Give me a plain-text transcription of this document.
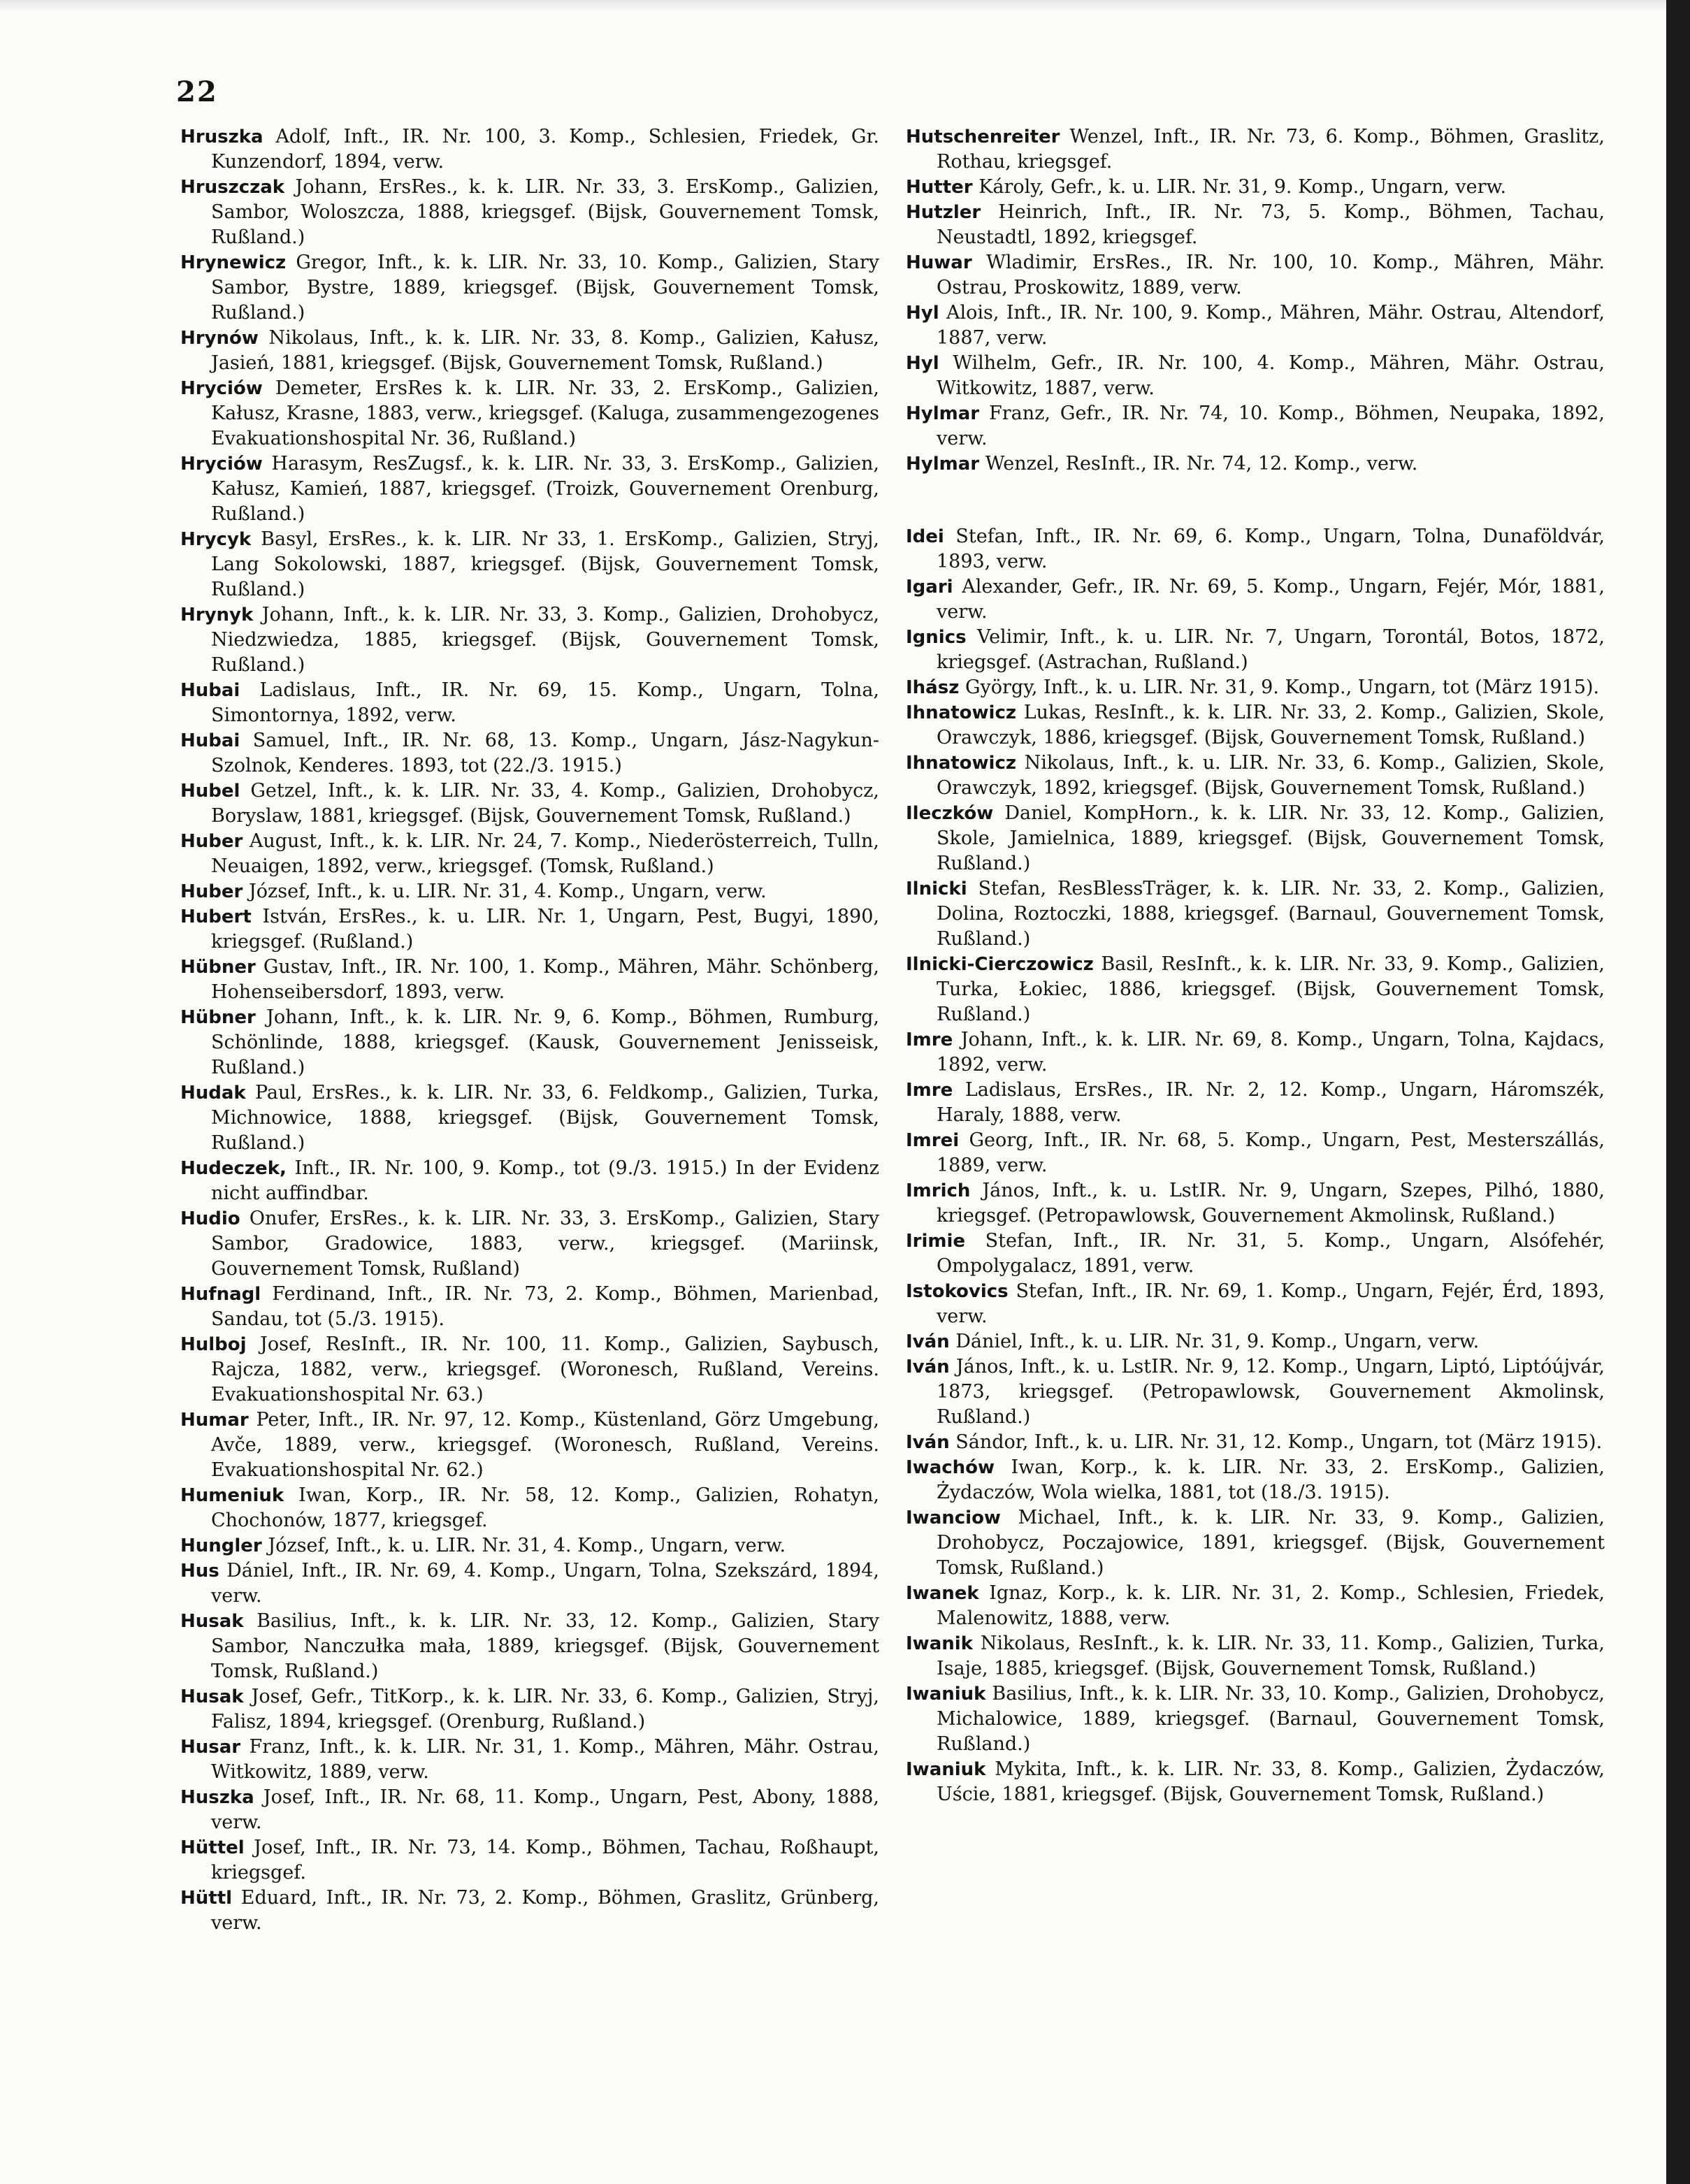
22
Hruszka Adolf, Inft., IR. Nr. 100, 3. Komp., Schlesien, Friedek, Gr. Kunzendorf, 1894, verw.
Hruszczak Johann, ErsRes., k. k. LIR. Nr. 33, 3. ErsKomp., Galizien, Sambor, Woloszcza, 1888, kriegsgef. (Bijsk, Gouvernement Tomsk, Rußland.)
Hrynewicz Gregor, Inft., k. k. LIR. Nr. 33, 10. Komp., Galizien, Stary Sambor, Bystre, 1889, kriegsgef. (Bijsk, Gouvernement Tomsk, Rußland.)
Hrynów Nikolaus, Inft., k. k. LIR. Nr. 33, 8. Komp., Galizien, Kałusz, Jasień, 1881, kriegsgef. (Bijsk, Gouvernement Tomsk, Rußland.)
Hryciów Demeter, ErsRes k. k. LIR. Nr. 33, 2. ErsKomp., Galizien, Kałusz, Krasne, 1883, verw., kriegsgef. (Kaluga, zusammengezogenes Evakuationshospital Nr. 36, Rußland.)
Hryciów Harasym, ResZugsf., k. k. LIR. Nr. 33, 3. ErsKomp., Galizien, Kałusz, Kamień, 1887, kriegsgef. (Troizk, Gouvernement Orenburg, Rußland.)
Hrycyk Basyl, ErsRes., k. k. LIR. Nr 33, 1. ErsKomp., Galizien, Stryj, Lang Sokolowski, 1887, kriegsgef. (Bijsk, Gouvernement Tomsk, Rußland.)
Hrynyk Johann, Inft., k. k. LIR. Nr. 33, 3. Komp., Galizien, Drohobycz, Niedzwiedza, 1885, kriegsgef. (Bijsk, Gouvernement Tomsk, Rußland.)
Hubai Ladislaus, Inft., IR. Nr. 69, 15. Komp., Ungarn, Tolna, Simontornya, 1892, verw.
Hubai Samuel, Inft., IR. Nr. 68, 13. Komp., Ungarn, Jász-Nagykun-Szolnok, Kenderes. 1893, tot (22./3. 1915.)
Hubel Getzel, Inft., k. k. LIR. Nr. 33, 4. Komp., Galizien, Drohobycz, Boryslaw, 1881, kriegsgef. (Bijsk, Gouvernement Tomsk, Rußland.)
Huber August, Inft., k. k. LIR. Nr. 24, 7. Komp., Niederösterreich, Tulln, Neuaigen, 1892, verw., kriegsgef. (Tomsk, Rußland.)
Huber József, Inft., k. u. LIR. Nr. 31, 4. Komp., Ungarn, verw.
Hubert István, ErsRes., k. u. LIR. Nr. 1, Ungarn, Pest, Bugyi, 1890, kriegsgef. (Rußland.)
Hübner Gustav, Inft., IR. Nr. 100, 1. Komp., Mähren, Mähr. Schönberg, Hohenseibersdorf, 1893, verw.
Hübner Johann, Inft., k. k. LIR. Nr. 9, 6. Komp., Böhmen, Rumburg, Schönlinde, 1888, kriegsgef. (Kausk, Gouvernement Jenisseisk, Rußland.)
Hudak Paul, ErsRes., k. k. LIR. Nr. 33, 6. Feldkomp., Galizien, Turka, Michnowice, 1888, kriegsgef. (Bijsk, Gouvernement Tomsk, Rußland.)
Hudeczek, Inft., IR. Nr. 100, 9. Komp., tot (9./3. 1915.) In der Evidenz nicht auffindbar.
Hudio Onufer, ErsRes., k. k. LIR. Nr. 33, 3. ErsKomp., Galizien, Stary Sambor, Gradowice, 1883, verw., kriegsgef. (Mariinsk, Gouvernement Tomsk, Rußland)
Hufnagl Ferdinand, Inft., IR. Nr. 73, 2. Komp., Böhmen, Marienbad, Sandau, tot (5./3. 1915).
Hulboj Josef, ResInft., IR. Nr. 100, 11. Komp., Galizien, Saybusch, Rajcza, 1882, verw., kriegsgef. (Woronesch, Rußland, Vereins. Evakuationshospital Nr. 63.)
Humar Peter, Inft., IR. Nr. 97, 12. Komp., Küstenland, Görz Umgebung, Avče, 1889, verw., kriegsgef. (Woronesch, Rußland, Vereins. Evakuationshospital Nr. 62.)
Humeniuk Iwan, Korp., IR. Nr. 58, 12. Komp., Galizien, Rohatyn, Chochonów, 1877, kriegsgef.
Hungler József, Inft., k. u. LIR. Nr. 31, 4. Komp., Ungarn, verw.
Hus Dániel, Inft., IR. Nr. 69, 4. Komp., Ungarn, Tolna, Szekszárd, 1894, verw.
Husak Basilius, Inft., k. k. LIR. Nr. 33, 12. Komp., Galizien, Stary Sambor, Nanczułka mała, 1889, kriegsgef. (Bijsk, Gouvernement Tomsk, Rußland.)
Husak Josef, Gefr., TitKorp., k. k. LIR. Nr. 33, 6. Komp., Galizien, Stryj, Falisz, 1894, kriegsgef. (Orenburg, Rußland.)
Husar Franz, Inft., k. k. LIR. Nr. 31, 1. Komp., Mähren, Mähr. Ostrau, Witkowitz, 1889, verw.
Huszka Josef, Inft., IR. Nr. 68, 11. Komp., Ungarn, Pest, Abony, 1888, verw.
Hüttel Josef, Inft., IR. Nr. 73, 14. Komp., Böhmen, Tachau, Roßhaupt, kriegsgef.
Hüttl Eduard, Inft., IR. Nr. 73, 2. Komp., Böhmen, Graslitz, Grünberg, verw.
Hutschenreiter Wenzel, Inft., IR. Nr. 73, 6. Komp., Böhmen, Graslitz, Rothau, kriegsgef.
Hutter Károly, Gefr., k. u. LIR. Nr. 31, 9. Komp., Ungarn, verw.
Hutzler Heinrich, Inft., IR. Nr. 73, 5. Komp., Böhmen, Tachau, Neustadtl, 1892, kriegsgef.
Huwar Wladimir, ErsRes., IR. Nr. 100, 10. Komp., Mähren, Mähr. Ostrau, Proskowitz, 1889, verw.
Hyl Alois, Inft., IR. Nr. 100, 9. Komp., Mähren, Mähr. Ostrau, Altendorf, 1887, verw.
Hyl Wilhelm, Gefr., IR. Nr. 100, 4. Komp., Mähren, Mähr. Ostrau, Witkowitz, 1887, verw.
Hylmar Franz, Gefr., IR. Nr. 74, 10. Komp., Böhmen, Neupaka, 1892, verw.
Hylmar Wenzel, ResInft., IR. Nr. 74, 12. Komp., verw.
Idei Stefan, Inft., IR. Nr. 69, 6. Komp., Ungarn, Tolna, Dunaföldvár, 1893, verw.
Igari Alexander, Gefr., IR. Nr. 69, 5. Komp., Ungarn, Fejér, Mór, 1881, verw.
Ignics Velimir, Inft., k. u. LIR. Nr. 7, Ungarn, Torontál, Botos, 1872, kriegsgef. (Astrachan, Rußland.)
Ihász György, Inft., k. u. LIR. Nr. 31, 9. Komp., Ungarn, tot (März 1915).
Ihnatowicz Lukas, ResInft., k. k. LIR. Nr. 33, 2. Komp., Galizien, Skole, Orawczyk, 1886, kriegsgef. (Bijsk, Gouvernement Tomsk, Rußland.)
Ihnatowicz Nikolaus, Inft., k. u. LIR. Nr. 33, 6. Komp., Galizien, Skole, Orawczyk, 1892, kriegsgef. (Bijsk, Gouvernement Tomsk, Rußland.)
Ileczków Daniel, KompHorn., k. k. LIR. Nr. 33, 12. Komp., Galizien, Skole, Jamielnica, 1889, kriegsgef. (Bijsk, Gouvernement Tomsk, Rußland.)
Ilnicki Stefan, ResBlessTräger, k. k. LIR. Nr. 33, 2. Komp., Galizien, Dolina, Roztoczki, 1888, kriegsgef. (Barnaul, Gouvernement Tomsk, Rußland.)
Ilnicki-Cierczowicz Basil, ResInft., k. k. LIR. Nr. 33, 9. Komp., Galizien, Turka, Łokiec, 1886, kriegsgef. (Bijsk, Gouvernement Tomsk, Rußland.)
Imre Johann, Inft., k. k. LIR. Nr. 69, 8. Komp., Ungarn, Tolna, Kajdacs, 1892, verw.
Imre Ladislaus, ErsRes., IR. Nr. 2, 12. Komp., Ungarn, Háromszék, Haraly, 1888, verw.
Imrei Georg, Inft., IR. Nr. 68, 5. Komp., Ungarn, Pest, Mesterszállás, 1889, verw.
Imrich János, Inft., k. u. LstIR. Nr. 9, Ungarn, Szepes, Pilhó, 1880, kriegsgef. (Petropawlowsk, Gouvernement Akmolinsk, Rußland.)
Irimie Stefan, Inft., IR. Nr. 31, 5. Komp., Ungarn, Alsófehér, Ompolygalacz, 1891, verw.
Istokovics Stefan, Inft., IR. Nr. 69, 1. Komp., Ungarn, Fejér, Érd, 1893, verw.
Iván Dániel, Inft., k. u. LIR. Nr. 31, 9. Komp., Ungarn, verw.
Iván János, Inft., k. u. LstIR. Nr. 9, 12. Komp., Ungarn, Liptó, Liptóújvár, 1873, kriegsgef. (Petropawlowsk, Gouvernement Akmolinsk, Rußland.)
Iván Sándor, Inft., k. u. LIR. Nr. 31, 12. Komp., Ungarn, tot (März 1915).
Iwachów Iwan, Korp., k. k. LIR. Nr. 33, 2. ErsKomp., Galizien, Żydaczów, Wola wielka, 1881, tot (18./3. 1915).
Iwanciow Michael, Inft., k. k. LIR. Nr. 33, 9. Komp., Galizien, Drohobycz, Poczajowice, 1891, kriegsgef. (Bijsk, Gouvernement Tomsk, Rußland.)
Iwanek Ignaz, Korp., k. k. LIR. Nr. 31, 2. Komp., Schlesien, Friedek, Malenowitz, 1888, verw.
Iwanik Nikolaus, ResInft., k. k. LIR. Nr. 33, 11. Komp., Galizien, Turka, Isaje, 1885, kriegsgef. (Bijsk, Gouvernement Tomsk, Rußland.)
Iwaniuk Basilius, Inft., k. k. LIR. Nr. 33, 10. Komp., Galizien, Drohobycz, Michalowice, 1889, kriegsgef. (Barnaul, Gouvernement Tomsk, Rußland.)
Iwaniuk Mykita, Inft., k. k. LIR. Nr. 33, 8. Komp., Galizien, Żydaczów, Uście, 1881, kriegsgef. (Bijsk, Gouvernement Tomsk, Rußland.)
